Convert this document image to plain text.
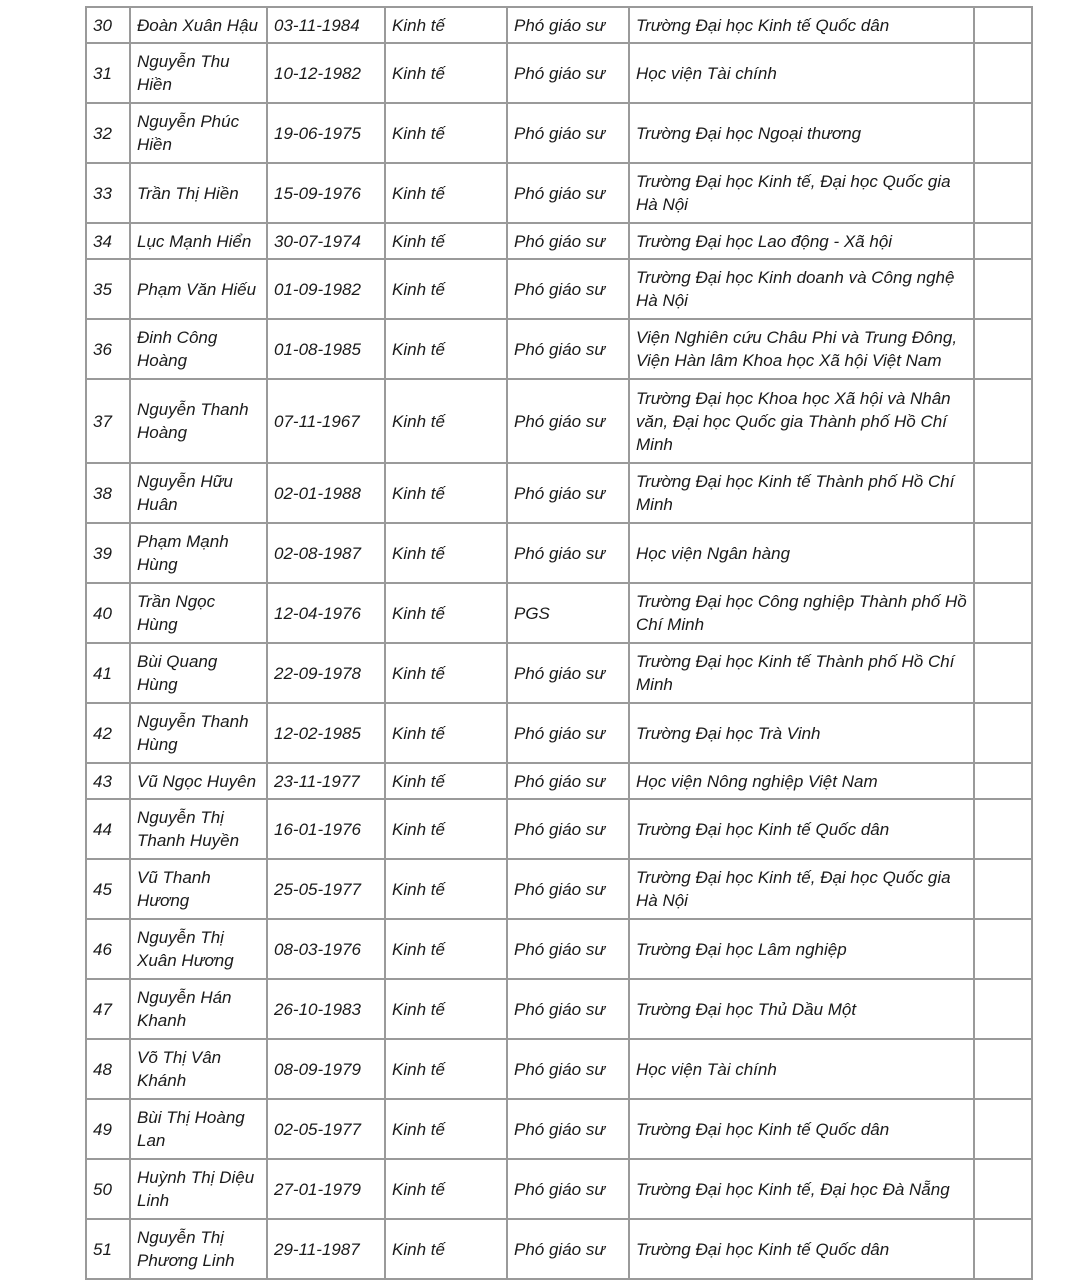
30	Đoàn Xuân Hậu	03-11-1984	Kinh tế	Phó giáo sư	Trường Đại học Kinh tế Quốc dân	
31	Nguyễn Thu Hiền	10-12-1982	Kinh tế	Phó giáo sư	Học viện Tài chính	
32	Nguyễn Phúc Hiền	19-06-1975	Kinh tế	Phó giáo sư	Trường Đại học Ngoại thương	
33	Trần Thị Hiền	15-09-1976	Kinh tế	Phó giáo sư	Trường Đại học Kinh tế, Đại học Quốc gia Hà Nội	
34	Lục Mạnh Hiển	30-07-1974	Kinh tế	Phó giáo sư	Trường Đại học Lao động - Xã hội	
35	Phạm Văn Hiếu	01-09-1982	Kinh tế	Phó giáo sư	Trường Đại học Kinh doanh và Công nghệ Hà Nội	
36	Đinh Công Hoàng	01-08-1985	Kinh tế	Phó giáo sư	Viện Nghiên cứu Châu Phi và Trung Đông, Viện Hàn lâm Khoa học Xã hội Việt Nam	
37	Nguyễn Thanh Hoàng	07-11-1967	Kinh tế	Phó giáo sư	Trường Đại học Khoa học Xã hội và Nhân văn, Đại học Quốc gia Thành phố Hồ Chí Minh	
38	Nguyễn Hữu Huân	02-01-1988	Kinh tế	Phó giáo sư	Trường Đại học Kinh tế Thành phố Hồ Chí Minh	
39	Phạm Mạnh Hùng	02-08-1987	Kinh tế	Phó giáo sư	Học viện Ngân hàng	
40	Trần Ngọc Hùng	12-04-1976	Kinh tế	PGS	Trường Đại học Công nghiệp Thành phố Hồ Chí Minh	
41	Bùi Quang Hùng	22-09-1978	Kinh tế	Phó giáo sư	Trường Đại học Kinh tế Thành phố Hồ Chí Minh	
42	Nguyễn Thanh Hùng	12-02-1985	Kinh tế	Phó giáo sư	Trường Đại học Trà Vinh	
43	Vũ Ngọc Huyên	23-11-1977	Kinh tế	Phó giáo sư	Học viện Nông nghiệp Việt Nam	
44	Nguyễn Thị Thanh Huyền	16-01-1976	Kinh tế	Phó giáo sư	Trường Đại học Kinh tế Quốc dân	
45	Vũ Thanh Hương	25-05-1977	Kinh tế	Phó giáo sư	Trường Đại học Kinh tế, Đại học Quốc gia Hà Nội	
46	Nguyễn Thị Xuân Hương	08-03-1976	Kinh tế	Phó giáo sư	Trường Đại học Lâm nghiệp	
47	Nguyễn Hán Khanh	26-10-1983	Kinh tế	Phó giáo sư	Trường Đại học Thủ Dầu Một	
48	Võ Thị Vân Khánh	08-09-1979	Kinh tế	Phó giáo sư	Học viện Tài chính	
49	Bùi Thị Hoàng Lan	02-05-1977	Kinh tế	Phó giáo sư	Trường Đại học Kinh tế Quốc dân	
50	Huỳnh Thị Diệu Linh	27-01-1979	Kinh tế	Phó giáo sư	Trường Đại học Kinh tế, Đại học Đà Nẵng	
51	Nguyễn Thị Phương Linh	29-11-1987	Kinh tế	Phó giáo sư	Trường Đại học Kinh tế Quốc dân	
